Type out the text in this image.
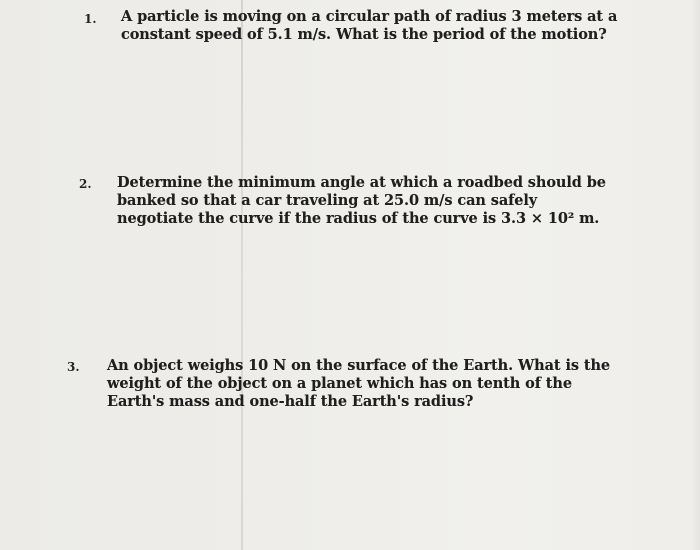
1. A particle is moving on a circular path of radius 3 meters at a constant speed of 5.1 m/s. What is the period of the motion?
2. Determine the minimum angle at which a roadbed should be banked so that a car traveling at 25.0 m/s can safely negotiate the curve if the radius of the curve is 3.3 × 10² m.
3. An object weighs 10 N on the surface of the Earth. What is the weight of the object on a planet which has on tenth of the Earth's mass and one-half the Earth's radius?
